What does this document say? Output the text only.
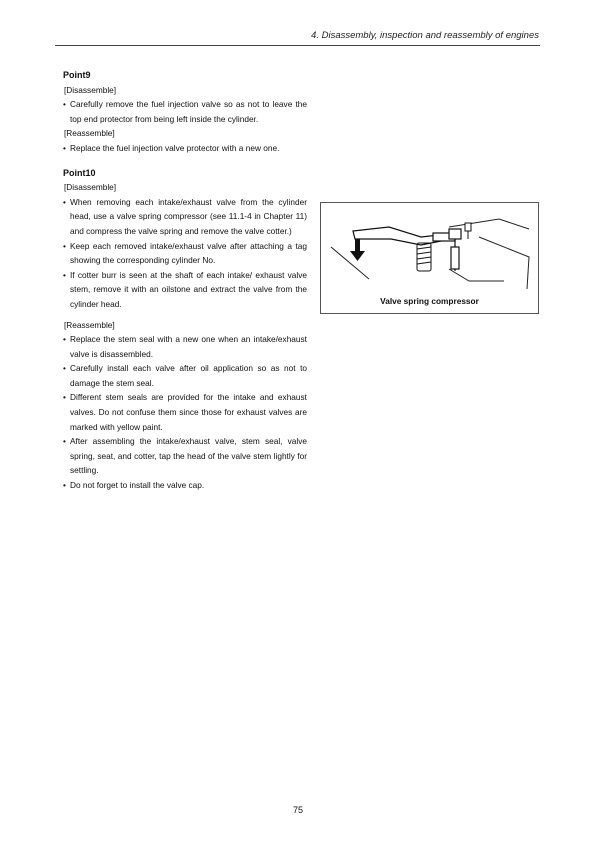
4. Disassembly, inspection and reassembly of engines
Point9
[Disassemble]
• Carefully remove the fuel injection valve so as not to leave the top end protector from being left inside the cylinder.
[Reassemble]
• Replace the fuel injection valve protector with a new one.
Point10
[Disassemble]
• When removing each intake/exhaust valve from the cylinder head, use a valve spring compressor (see 11.1-4 in Chapter 11) and compress the valve spring and remove the valve cotter.)
• Keep each removed intake/exhaust valve after attaching a tag showing the corresponding cylinder No.
• If cotter burr is seen at the shaft of each intake/ exhaust valve stem, remove it with an oilstone and extract the valve from the cylinder head.
[Reassemble]
• Replace the stem seal with a new one when an intake/exhaust valve is disassembled.
• Carefully install each valve after oil application so as not to damage the stem seal.
• Different stem seals are provided for the intake and exhaust valves. Do not confuse them since those for exhaust valves are marked with yellow paint.
• After assembling the intake/exhaust valve, stem seal, valve spring, seat, and cotter, tap the head of the valve stem lightly for settling.
• Do not forget to install the valve cap.
Valve spring compressor
75
